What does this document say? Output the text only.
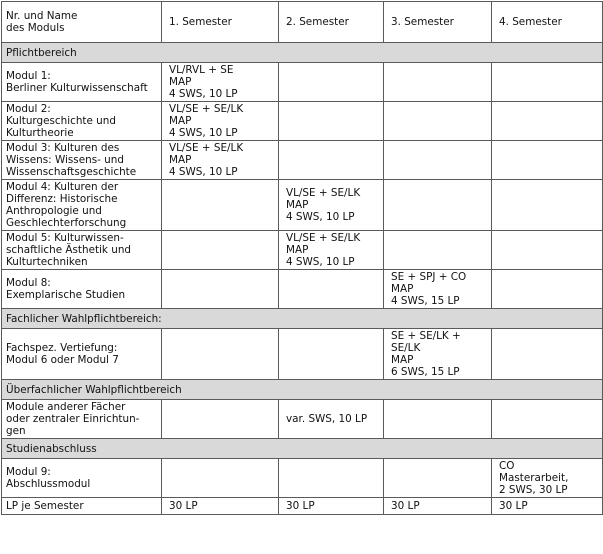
Nr. und Name
des Moduls	1. Semester	2. Semester	3. Semester	4. Semester
Pflichtbereich				
Modul 1:
Berliner Kulturwissenschaft	VL/RVL + SE
MAP
4 SWS, 10 LP			
Modul 2:
Kulturgeschichte und
Kulturtheorie	VL/SE + SE/LK
MAP
4 SWS, 10 LP			
Modul 3: Kulturen des
Wissens: Wissens- und
Wissenschaftsgeschichte	VL/SE + SE/LK
MAP
4 SWS, 10 LP			
Modul 4: Kulturen der
Differenz: Historische
Anthropologie und
Geschlechterforschung		VL/SE + SE/LK
MAP
4 SWS, 10 LP		
Modul 5: Kulturwissen-
schaftliche Ästhetik und
Kulturtechniken		VL/SE + SE/LK
MAP
4 SWS, 10 LP		
Modul 8:
Exemplarische Studien			SE + SPJ + CO
MAP
4 SWS, 15 LP	
Fachlicher Wahlpflichtbereich:				
Fachspez. Vertiefung:
Modul 6 oder Modul 7			SE + SE/LK +
SE/LK
MAP
6 SWS, 15 LP	
Überfachlicher Wahlpflichtbereich				
Module anderer Fächer
oder zentraler Einrichtun-
gen		var. SWS, 10 LP		
Studienabschluss				
Modul 9:
Abschlussmodul				CO
Masterarbeit,
2 SWS, 30 LP
LP je Semester	30 LP	30 LP	30 LP	30 LP
